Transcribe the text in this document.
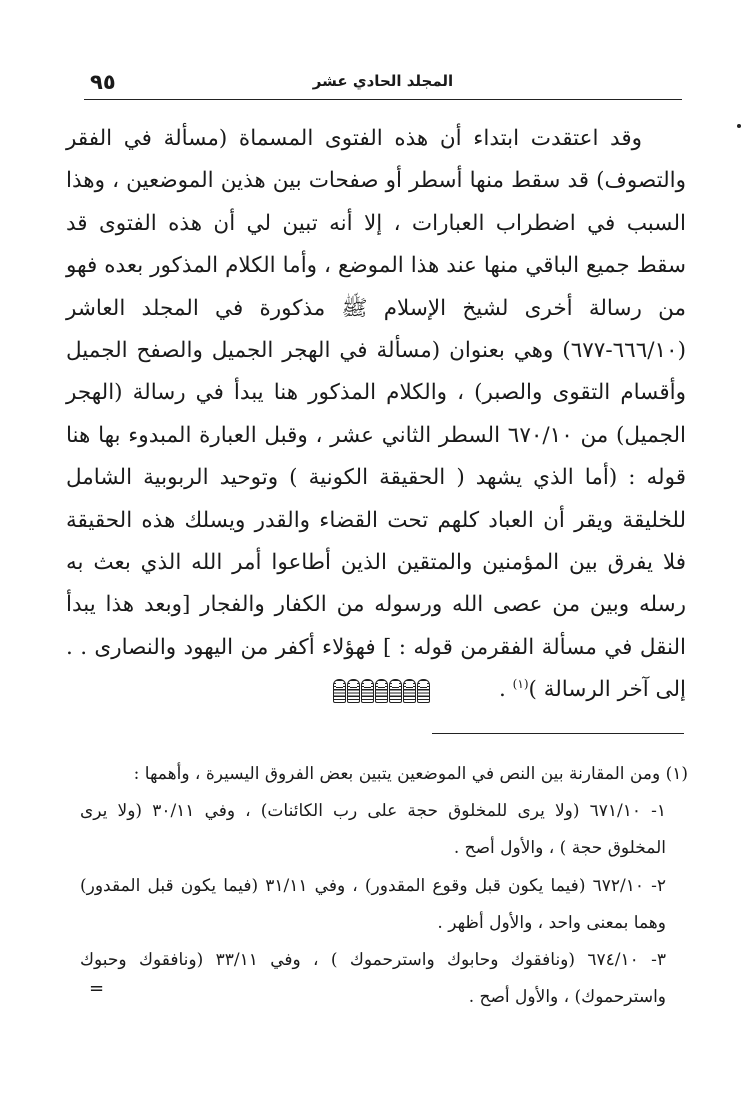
٩٥	المجلد الحادي عشر
وقد اعتقدت ابتداء أن هذه الفتوى المسماة (مسألة في الفقر والتصوف) قد سقط منها أسطر أو صفحات بين هذين الموضعين ، وهذا السبب في اضطراب العبارات ، إلا أنه تبين لي أن هذه الفتوى قد سقط جميع الباقي منها عند هذا الموضع ، وأما الكلام المذكور بعده فهو من رسالة أخرى لشيخ الإسلام ﷺ مذكورة في المجلد العاشر (٦٦٦/١٠-٦٧٧) وهي بعنوان (مسألة في الهجر الجميل والصفح الجميل وأقسام التقوى والصبر) ، والكلام المذكور هنا يبدأ في رسالة (الهجر الجميل) من ٦٧٠/١٠ السطر الثاني عشر ، وقبل العبارة المبدوء بها هنا قوله : (أما الذي يشهد ( الحقيقة الكونية ) وتوحيد الربوبية الشامل للخليقة ويقر أن العباد كلهم تحت القضاء والقدر ويسلك هذه الحقيقة فلا يفرق بين المؤمنين والمتقين الذين أطاعوا أمر الله الذي بعث به رسله وبين من عصى الله ورسوله من الكفار والفجار [وبعد هذا يبدأ النقل في مسألة الفقرمن قوله : ] فهؤلاء أكفر من اليهود والنصارى . . إلى آخر الرسالة )$^{(١)}$ .

(١) ومن المقارنة بين النص في الموضعين يتبين بعض الفروق اليسيرة ، وأهمها :

١- ٦٧١/١٠ (ولا يرى للمخلوق حجة على رب الكائنات) ، وفي ٣٠/١١ (ولا يرى المخلوق حجة ) ، والأول أصح .

٢- ٦٧٢/١٠ (فيما يكون قبل وقوع المقدور) ، وفي ٣١/١١ (فيما يكون قبل المقدور) وهما بمعنى واحد ، والأول أظهر .

٣- ٦٧٤/١٠ (ونافقوك وحابوك واسترحموك ) ، وفي ٣٣/١١ (ونافقوك وحبوك واسترحموك) ، والأول أصح .

=
